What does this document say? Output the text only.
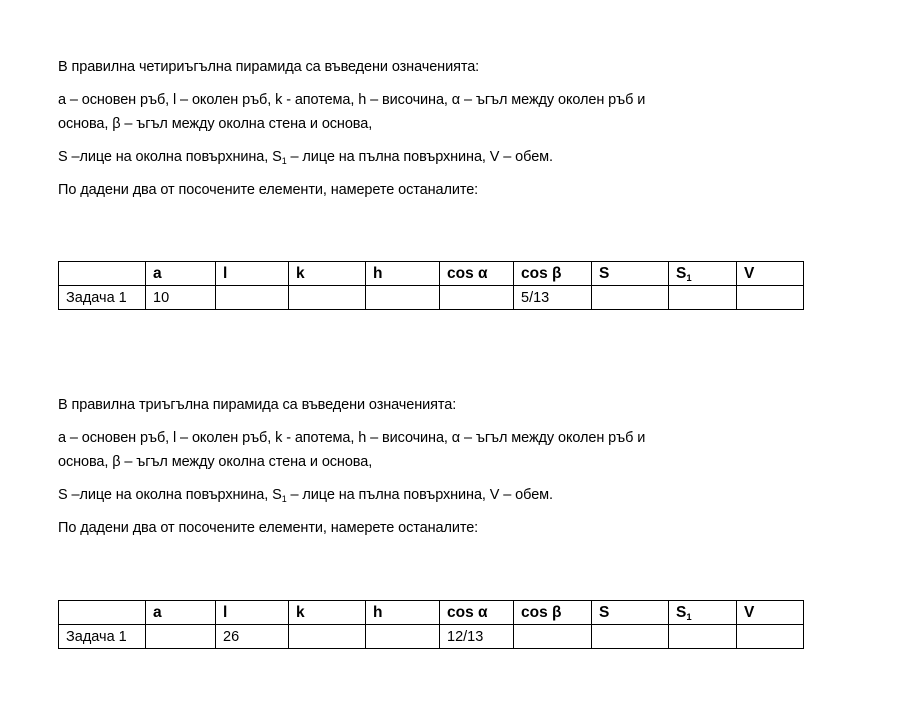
В правилна четириъгълна пирамида са въведени означенията:

a – основен ръб, l – околен ръб, k - апотема, h – височина, α – ъгъл между околен ръб и

основа, β – ъгъл между околна стена и основа,

S –лице на околна повърхнина, $S_1$ – лице на пълна повърхнина, V – обем.

По дадени два от посочените елементи, намерете останалите:

	a	l	k	h	cos α	cos β	S	$S_1$	V
Задача 1	10					5/13			

В правилна триъгълна пирамида са въведени означенията:

a – основен ръб, l – околен ръб, k - апотема, h – височина, α – ъгъл между околен ръб и

основа, β – ъгъл между околна стена и основа,

S –лице на околна повърхнина, $S_1$ – лице на пълна повърхнина, V – обем.

По дадени два от посочените елементи, намерете останалите:

	a	l	k	h	cos α	cos β	S	$S_1$	V
Задача 1		26			12/13				
